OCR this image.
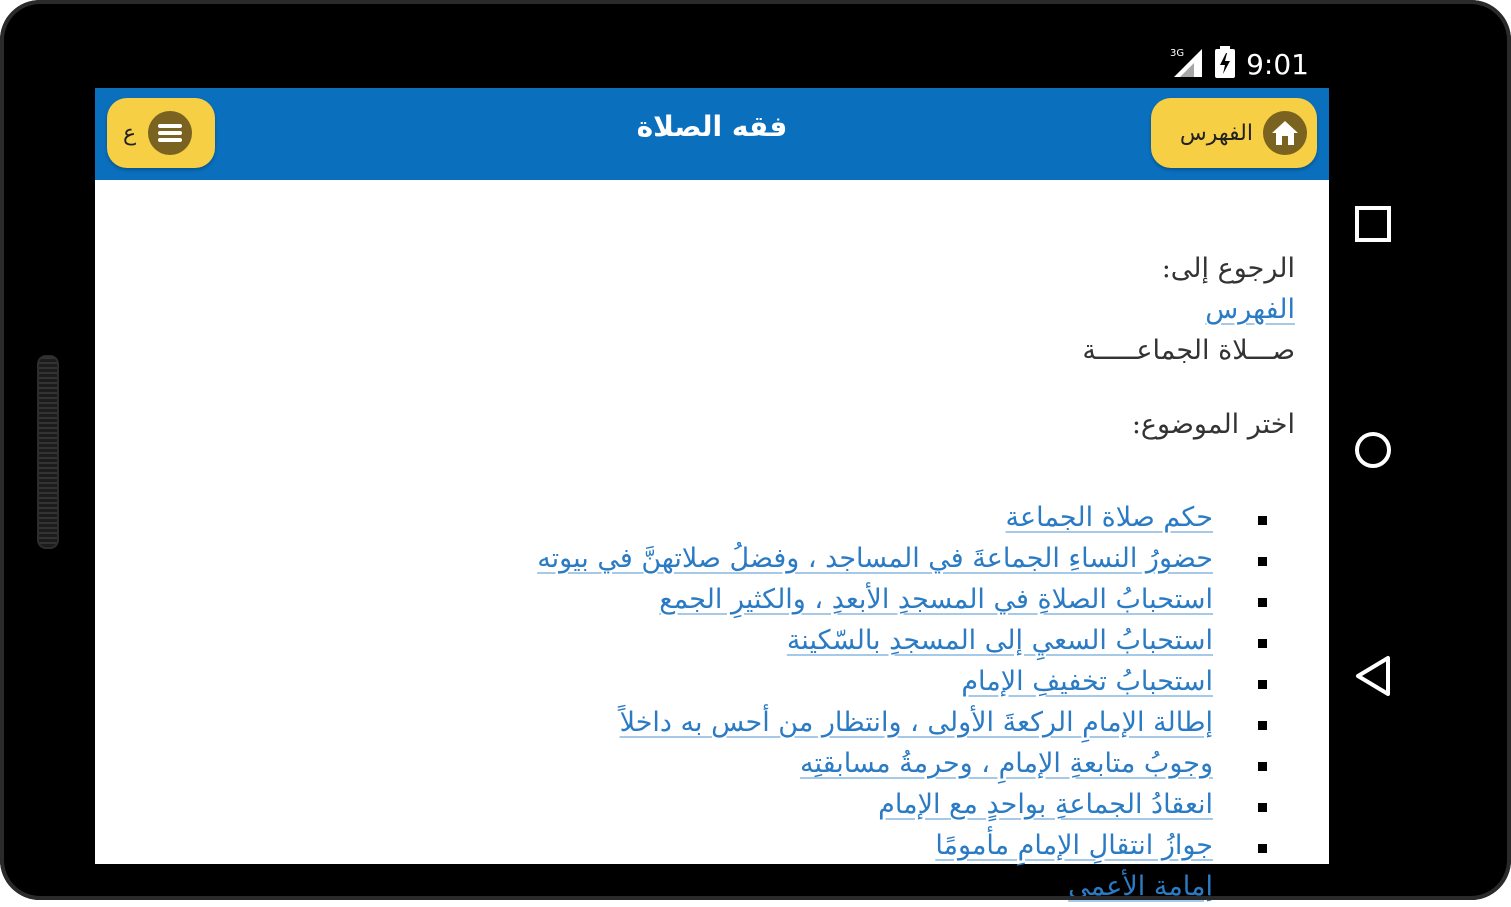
3G 9:01
ع	فقه الصلاة	الفهرس
الرجوع إلى:
الفهرس
صـــلاة الجماعـــــة
اختر الموضوع:
حكم صلاة الجماعة
حضورُ النساءِ الجماعةَ في المساجد ، وفضلُ صلاتهنَّ في بيوته
استحبابُ الصلاةِ في المسجدِ الأبعدِ ، والكثيرِ الجمع
استحبابُ السعيِ إلى المسجدِ بالسّكينة
استحبابُ تخفيفِ الإمام
إطالة الإمامِ الركعةَ الأولى ، وانتظار من أحس به داخلاً
وجوبُ متابعةِ الإمامِ ، وحرمةُ مسابقتِه
انعقادُ الجماعةِ بواحدٍ مع الإمام
جوازُ انتقالِ الإمامِ مأمومًا
إمامة الأعمى
